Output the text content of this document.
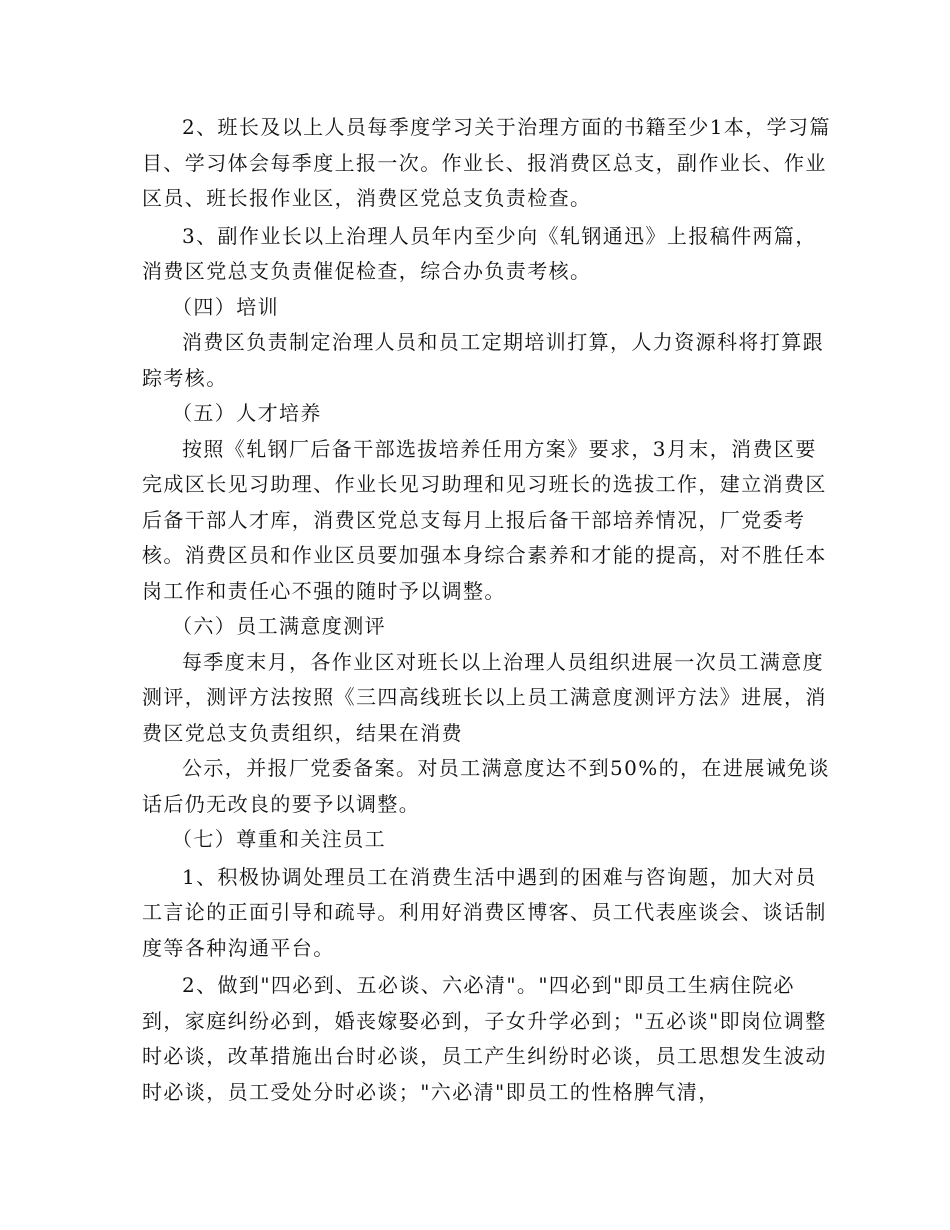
2、班长及以上人员每季度学习关于治理方面的书籍至少1本，学习篇目、学习体会每季度上报一次。作业长、报消费区总支，副作业长、作业区员、班长报作业区，消费区党总支负责检查。

3、副作业长以上治理人员年内至少向《轧钢通迅》上报稿件两篇，消费区党总支负责催促检查，综合办负责考核。

（四）培训

消费区负责制定治理人员和员工定期培训打算，人力资源科将打算跟踪考核。

（五）人才培养

按照《轧钢厂后备干部选拔培养任用方案》要求，3月末，消费区要完成区长见习助理、作业长见习助理和见习班长的选拔工作，建立消费区后备干部人才库，消费区党总支每月上报后备干部培养情况，厂党委考核。消费区员和作业区员要加强本身综合素养和才能的提高，对不胜任本岗工作和责任心不强的随时予以调整。

（六）员工满意度测评

每季度末月，各作业区对班长以上治理人员组织进展一次员工满意度测评，测评方法按照《三四高线班长以上员工满意度测评方法》进展，消费区党总支负责组织，结果在消费

公示，并报厂党委备案。对员工满意度达不到50%的，在进展诫免谈话后仍无改良的要予以调整。

（七）尊重和关注员工

1、积极协调处理员工在消费生活中遇到的困难与咨询题，加大对员工言论的正面引导和疏导。利用好消费区博客、员工代表座谈会、谈话制度等各种沟通平台。

2、做到"四必到、五必谈、六必清"。"四必到"即员工生病住院必到，家庭纠纷必到，婚丧嫁娶必到，子女升学必到；"五必谈"即岗位调整时必谈，改革措施出台时必谈，员工产生纠纷时必谈，员工思想发生波动时必谈，员工受处分时必谈；"六必清"即员工的性格脾气清，
